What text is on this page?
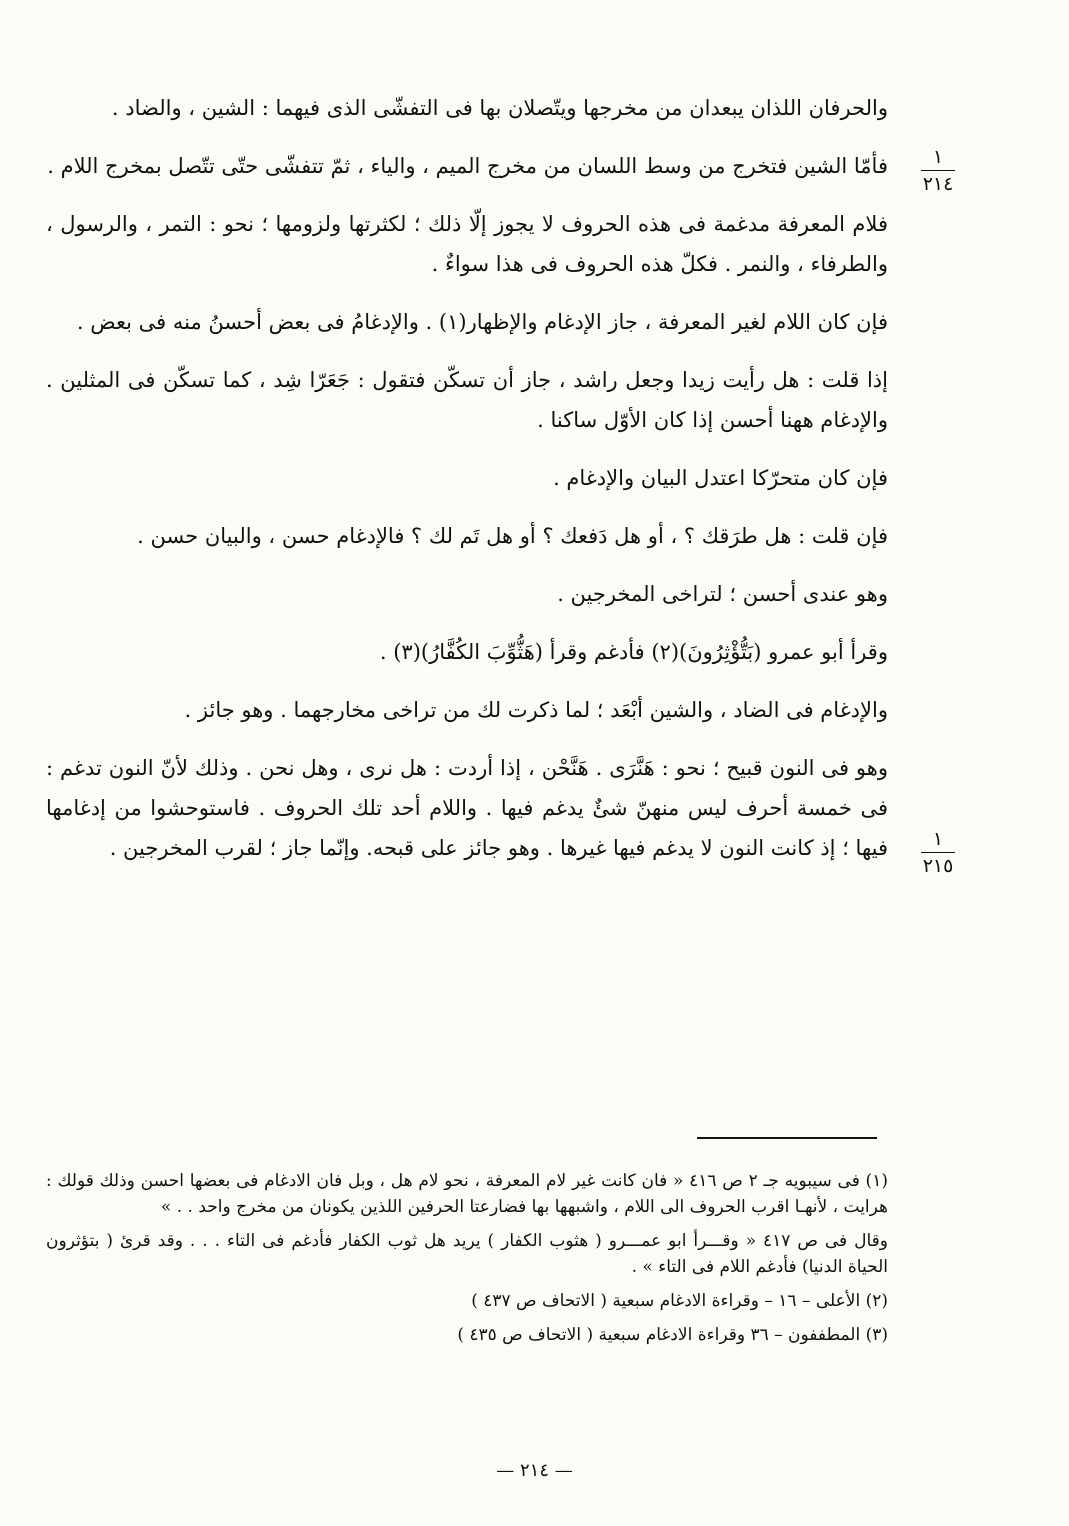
والحرفان اللذان يبعدان من مخرجها ويتّصلان بها فى التفشّى الذى فيهما : الشين ، والضاد .

فأمّا الشين فتخرج من وسط اللسان من مخرج الميم ، والياء ، ثمّ تتفشّى حتّى تتّصل بمخرج اللام .

فلام المعرفة مدغمة فى هذه الحروف لا يجوز إلّا ذلك ؛ لكثرتها ولزومها ؛ نحو : التمر ، والرسول ، والطرفاء ، والنمر . فكلّ هذه الحروف فى هذا سواءٌ .

فإن كان اللام لغير المعرفة ، جاز الإدغام والإظهار(١) . والإدغامُ فى بعض أحسنُ منه فى بعض .

إذا قلت : هل رأيت زيدا وجعل راشد ، جاز أن تسكّن فتقول : جَعَرّا شِد ، كما تسكّن فى المثلين . والإدغام ههنا أحسن إذا كان الأوّل ساكنا .

فإن كان متحرّكا اعتدل البيان والإدغام .

فإن قلت : هل طرَقك ؟ ، أو هل دَفعك ؟ أو هل تَم لك ؟ فالإدغام حسن ، والبيان حسن .

وهو عندى أحسن ؛ لتراخى المخرجين .

وقرأ أبو عمرو (بَتُّؤْثِرُونَ)(٢) فأدغم وقرأ (هَثُّوِّبَ الكُفَّارُ)(٣) .

والإدغام فى الضاد ، والشين أبْعَد ؛ لما ذكرت لك من تراخى مخارجهما . وهو جائز .

وهو فى النون قبيح ؛ نحو : هَنَّرَى . هَنَّحْن ، إذا أردت : هل نرى ، وهل نحن . وذلك لأنّ النون تدغم : فى خمسة أحرف ليس منهنّ شئٌ يدغم فيها . واللام أحد تلك الحروف . فاستوحشوا من إدغامها فيها ؛ إذ كانت النون لا يدغم فيها غيرها . وهو جائز على قبحه. وإنّما جاز ؛ لقرب المخرجين .

١
٢١٤
١
٢١٥

(١) فى سيبويه جـ ٢ ص ٤١٦ « فان كانت غير لام المعرفة ، نحو لام هل ، وبل فان الادغام فى بعضها احسن وذلك قولك : هرايت ، لأنهـا اقرب الحروف الى اللام ، واشبهها بها فضارعتا الحرفين اللذين يكونان من مخرج واحد . . »

وقال فى ص ٤١٧ « وقـــرأ ابو عمـــرو ( هثوب الكفار ) يريد هل ثوب الكفار فأدغم فى التاء . . . وقد قرئ ( بتؤثرون الحياة الدنيا) فأدغم اللام فى التاء » .

(٢) الأعلى – ١٦ – وقراءة الادغام سبعية ( الاتحاف ص ٤٣٧ )

(٣) المطففون – ٣٦ وقراءة الادغام سبعية ( الاتحاف ص ٤٣٥ )

— ٢١٤ —
